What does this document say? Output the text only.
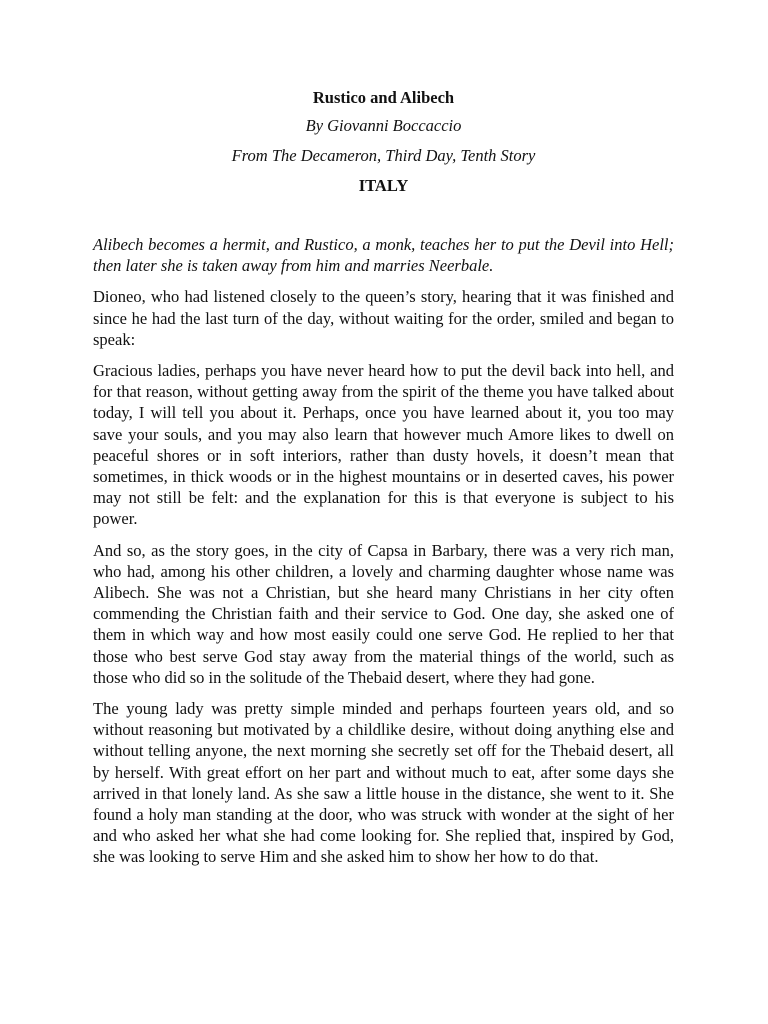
Rustico and Alibech
By Giovanni Boccaccio
From The Decameron, Third Day, Tenth Story
ITALY

Alibech becomes a hermit, and Rustico, a monk, teaches her to put the Devil into Hell; then later she is taken away from him and marries Neerbale.

Dioneo, who had listened closely to the queen’s story, hearing that it was finished and since he had the last turn of the day, without waiting for the order, smiled and began to speak:

Gracious ladies, perhaps you have never heard how to put the devil back into hell, and for that reason, without getting away from the spirit of the theme you have talked about today, I will tell you about it. Perhaps, once you have learned about it, you too may save your souls, and you may also learn that however much Amore likes to dwell on peaceful shores or in soft interiors, rather than dusty hovels, it doesn’t mean that sometimes, in thick woods or in the highest mountains or in deserted caves, his power may not still be felt: and the explanation for this is that everyone is subject to his power.

And so, as the story goes, in the city of Capsa in Barbary, there was a very rich man, who had, among his other children, a lovely and charming daughter whose name was Alibech. She was not a Christian, but she heard many Christians in her city often commending the Christian faith and their service to God. One day, she asked one of them in which way and how most easily could one serve God. He replied to her that those who best serve God stay away from the material things of the world, such as those who did so in the solitude of the Thebaid desert, where they had gone.

The young lady was pretty simple minded and perhaps fourteen years old, and so without reasoning but motivated by a childlike desire, without doing anything else and without telling anyone, the next morning she secretly set off for the Thebaid desert, all by herself. With great effort on her part and without much to eat, after some days she arrived in that lonely land. As she saw a little house in the distance, she went to it. She found a holy man standing at the door, who was struck with wonder at the sight of her and who asked her what she had come looking for. She replied that, inspired by God, she was looking to serve Him and she asked him to show her how to do that.
